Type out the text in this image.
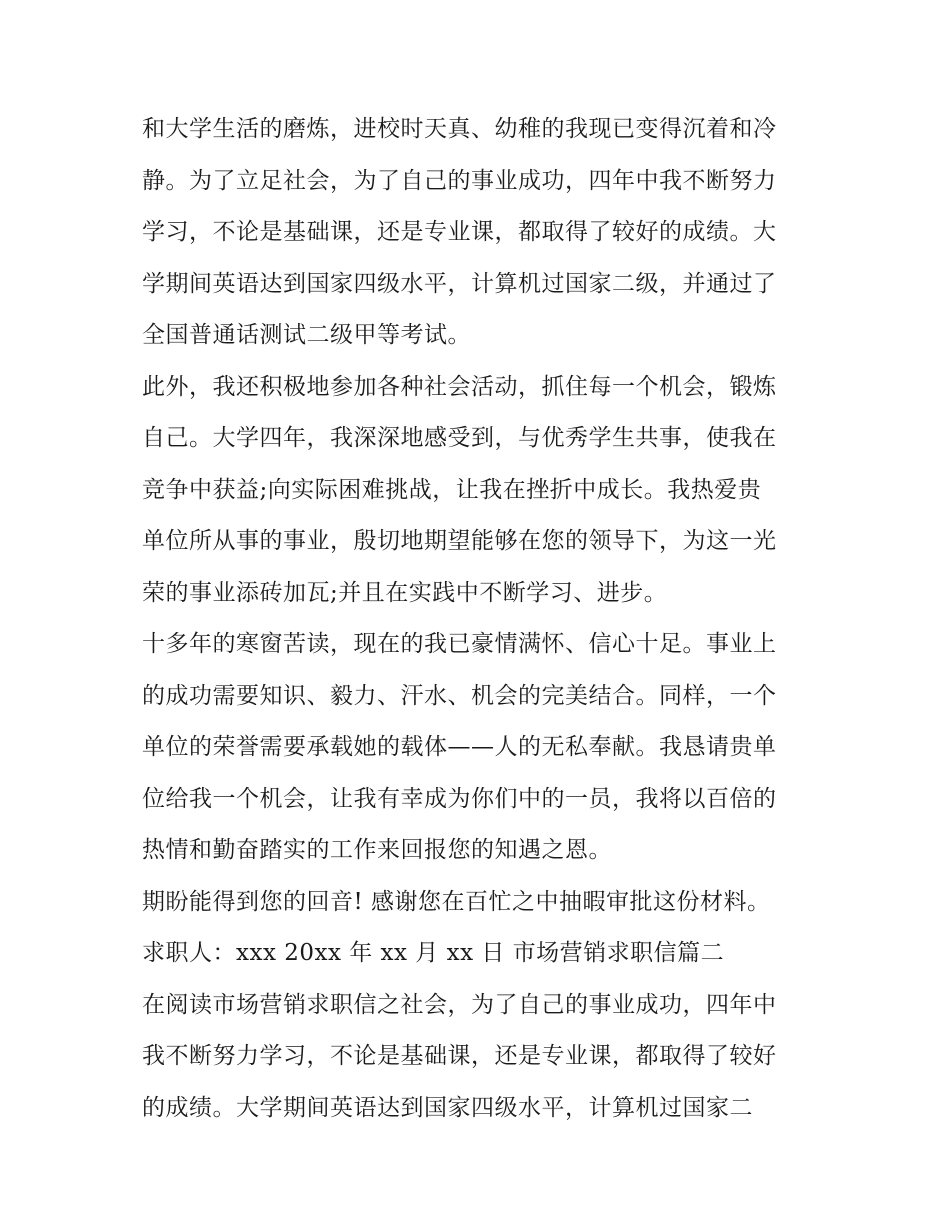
和大学生活的磨炼，进校时天真、幼稚的我现已变得沉着和冷
静。为了立足社会，为了自己的事业成功，四年中我不断努力
学习，不论是基础课，还是专业课，都取得了较好的成绩。大
学期间英语达到国家四级水平，计算机过国家二级，并通过了
全国普通话测试二级甲等考试。
此外，我还积极地参加各种社会活动，抓住每一个机会，锻炼
自己。大学四年，我深深地感受到，与优秀学生共事，使我在
竞争中获益;向实际困难挑战，让我在挫折中成长。我热爱贵
单位所从事的事业，殷切地期望能够在您的领导下，为这一光
荣的事业添砖加瓦;并且在实践中不断学习、进步。
十多年的寒窗苦读，现在的我已豪情满怀、信心十足。事业上
的成功需要知识、毅力、汗水、机会的完美结合。同样，一个
单位的荣誉需要承载她的载体——人的无私奉献。我恳请贵单
位给我一个机会，让我有幸成为你们中的一员，我将以百倍的
热情和勤奋踏实的工作来回报您的知遇之恩。
期盼能得到您的回音! 感谢您在百忙之中抽暇审批这份材料。
求职人：xxx 20xx 年 xx 月 xx 日 市场营销求职信篇二
在阅读市场营销求职信之社会，为了自己的事业成功，四年中
我不断努力学习，不论是基础课，还是专业课，都取得了较好
的成绩。大学期间英语达到国家四级水平，计算机过国家二
